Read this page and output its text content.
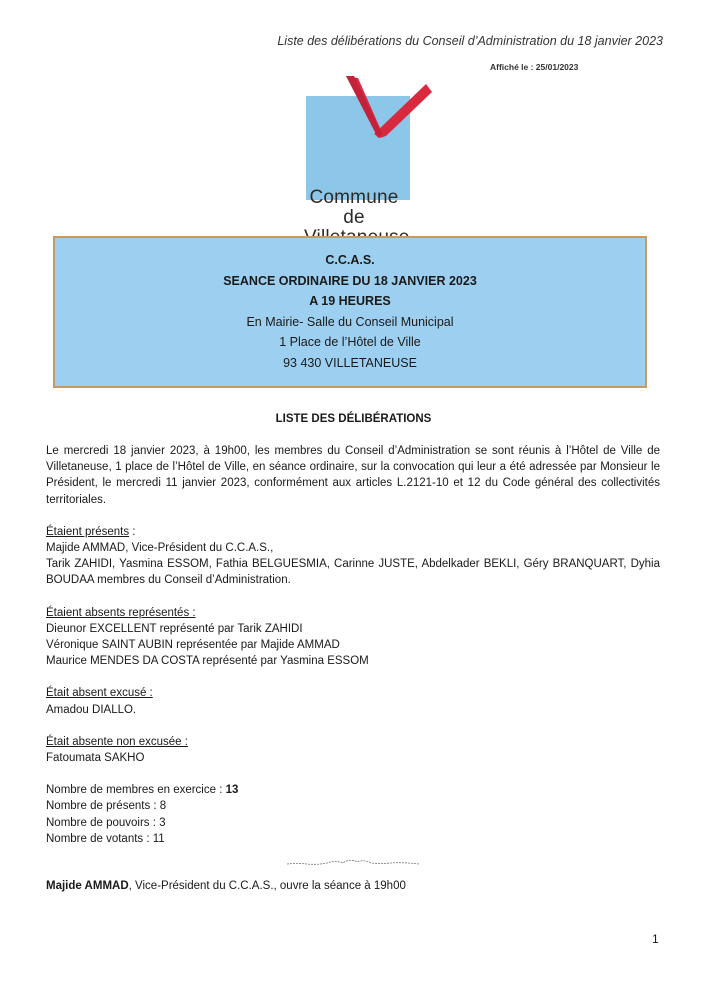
Liste des délibérations du Conseil d’Administration du 18 janvier 2023
Affiché le : 25/01/2023
Commune de
C.C.A.S.
SEANCE ORDINAIRE DU 18 JANVIER 2023
A 19 HEURES
En Mairie- Salle du Conseil Municipal
1 Place de l’Hôtel de Ville
93 430 VILLETANEUSE
LISTE DES DÉLIBÉRATIONS

Le mercredi 18 janvier 2023, à 19h00, les membres du Conseil d’Administration se sont réunis à l’Hôtel de Ville de Villetaneuse, 1 place de l’Hôtel de Ville, en séance ordinaire, sur la convocation qui leur a été adressée par Monsieur le Président, le mercredi 11 janvier 2023, conformément aux articles L.2121-10 et 12 du Code général des collectivités territoriales.

Étaient présents :
Majide AMMAD, Vice-Président du C.C.A.S.,
Tarik ZAHIDI, Yasmina ESSOM, Fathia BELGUESMIA, Carinne JUSTE, Abdelkader BEKLI, Géry BRANQUART, Dyhia BOUDAA membres du Conseil d’Administration.
Étaient absents représentés :
Dieunor EXCELLENT représenté par Tarik ZAHIDI
Véronique SAINT AUBIN représentée par Majide AMMAD
Maurice MENDES DA COSTA représenté par Yasmina ESSOM
Était absent excusé :
Amadou DIALLO.
Était absente non excusée :
Fatoumata SAKHO
Nombre de membres en exercice : 13
Nombre de présents : 8
Nombre de pouvoirs : 3
Nombre de votants : 11
Majide AMMAD, Vice-Président du C.C.A.S., ouvre la séance à 19h00
1
